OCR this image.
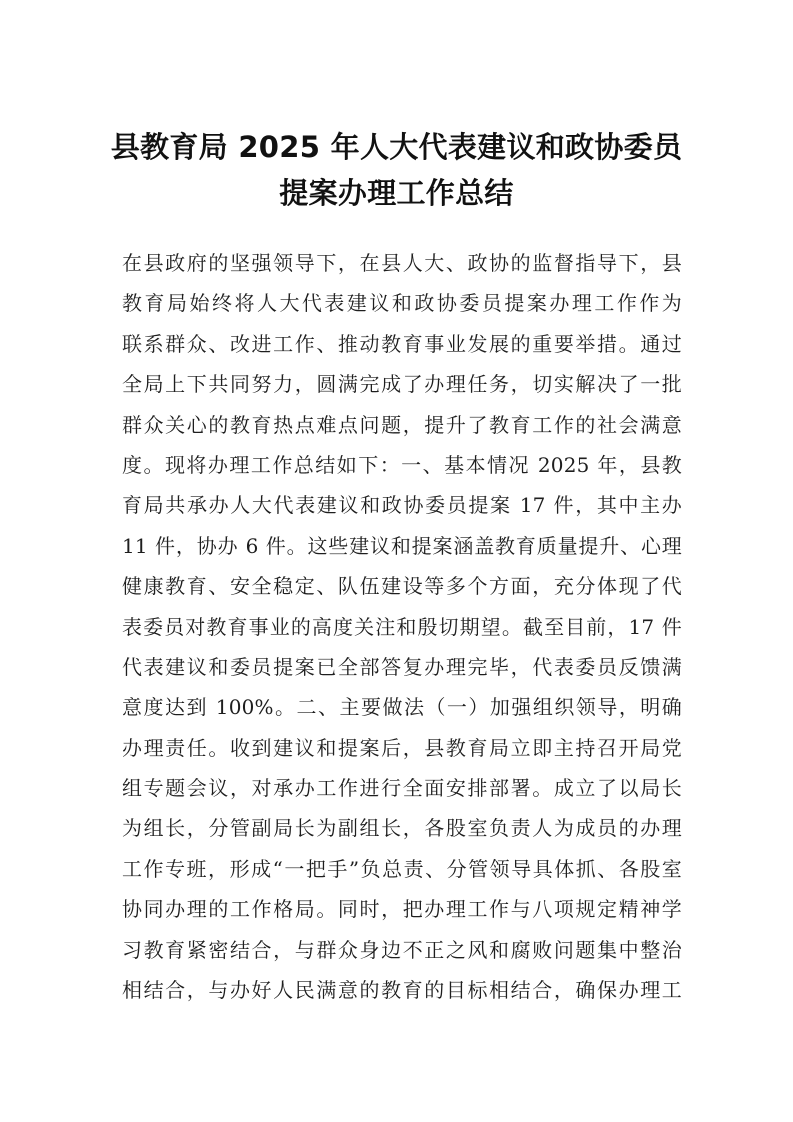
县教育局 2025 年人大代表建议和政协委员
提案办理工作总结
在县政府的坚强领导下，在县人大、政协的监督指导下，县
教育局始终将人大代表建议和政协委员提案办理工作作为
联系群众、改进工作、推动教育事业发展的重要举措。通过
全局上下共同努力，圆满完成了办理任务，切实解决了一批
群众关心的教育热点难点问题，提升了教育工作的社会满意
度。现将办理工作总结如下：一、基本情况 2025 年，县教
育局共承办人大代表建议和政协委员提案 17 件，其中主办
11 件，协办 6 件。这些建议和提案涵盖教育质量提升、心理
健康教育、安全稳定、队伍建设等多个方面，充分体现了代
表委员对教育事业的高度关注和殷切期望。截至目前，17 件
代表建议和委员提案已全部答复办理完毕，代表委员反馈满
意度达到 100%。二、主要做法（一）加强组织领导，明确
办理责任。收到建议和提案后，县教育局立即主持召开局党
组专题会议，对承办工作进行全面安排部署。成立了以局长
为组长，分管副局长为副组长，各股室负责人为成员的办理
工作专班，形成“一把手”负总责、分管领导具体抓、各股室
协同办理的工作格局。同时，把办理工作与八项规定精神学
习教育紧密结合，与群众身边不正之风和腐败问题集中整治
相结合，与办好人民满意的教育的目标相结合，确保办理工
